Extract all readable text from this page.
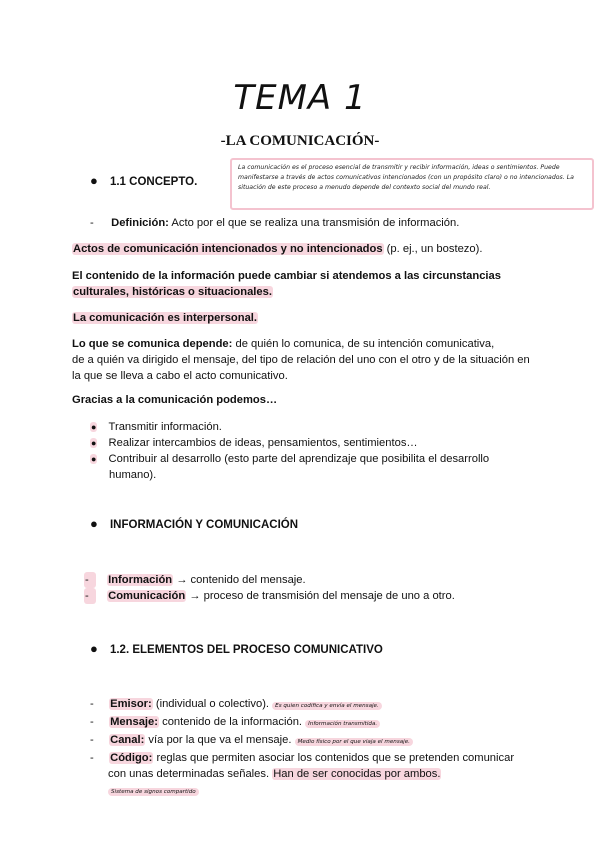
TEMA 1
-LA COMUNICACIÓN-
● 1.1 CONCEPTO.
La comunicación es el proceso esencial de transmitir y recibir información, ideas o sentimientos. Puede manifestarse a través de actos comunicativos intencionados (con un propósito claro) o no intencionados. La situación de este proceso a menudo depende del contexto social del mundo real.
- Definición: Acto por el que se realiza una transmisión de información.
Actos de comunicación intencionados y no intencionados (p. ej., un bostezo).
El contenido de la información puede cambiar si atendemos a las circunstancias
culturales, históricas o situacionales.
La comunicación es interpersonal.
Lo que se comunica depende: de quién lo comunica, de su intención comunicativa,
de a quién va dirigido el mensaje, del tipo de relación del uno con el otro y de la situación en
la que se lleva a cabo el acto comunicativo.
Gracias a la comunicación podemos…
● Transmitir información.
● Realizar intercambios de ideas, pensamientos, sentimientos…
● Contribuir al desarrollo (esto parte del aprendizaje que posibilita el desarrollo
humano).
● INFORMACIÓN Y COMUNICACIÓN
- Información → contenido del mensaje.
- Comunicación → proceso de transmisión del mensaje de uno a otro.
● 1.2. ELEMENTOS DEL PROCESO COMUNICATIVO
- Emisor: (individual o colectivo). Es quien codifica y envía el mensaje.
- Mensaje: contenido de la información. Información transmitida.
- Canal: vía por la que va el mensaje. Medio físico por el que viaja el mensaje.
- Código: reglas que permiten asociar los contenidos que se pretenden comunicar
con unas determinadas señales. Han de ser conocidas por ambos.
Sistema de signos compartido
